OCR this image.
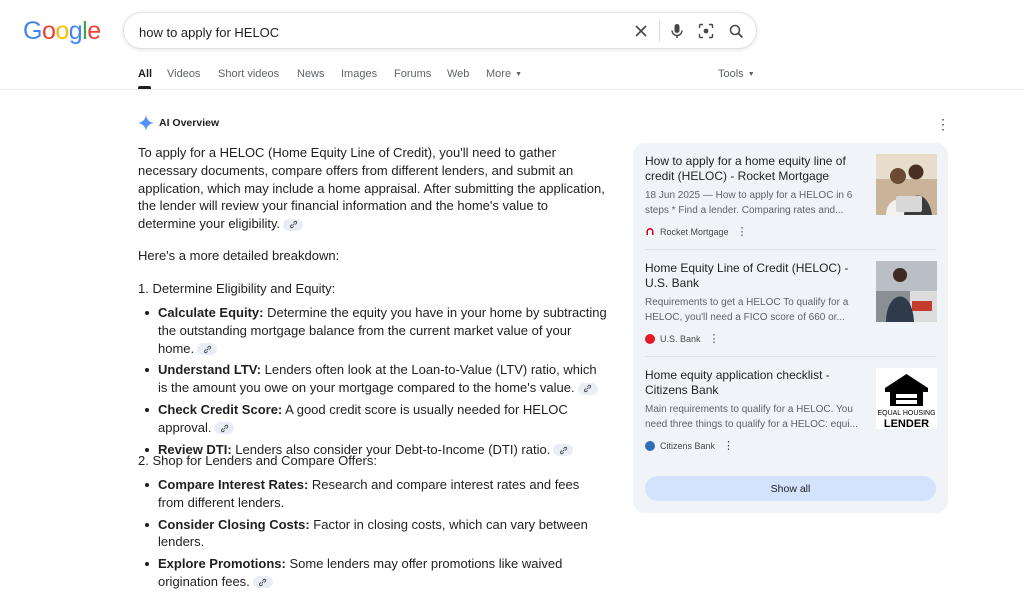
Google
how to apply for HELOC
All Videos Short videos News Images Forums Web More ▼	Tools ▼
AI Overview	⋮

To apply for a HELOC (Home Equity Line of Credit), you'll need to gather necessary documents, compare offers from different lenders, and submit an application, which may include a home appraisal. After submitting the application, the lender will review your financial information and the home's value to determine your eligibility.

Here's a more detailed breakdown:

1. Determine Eligibility and Equity:

Calculate Equity: Determine the equity you have in your home by subtracting the outstanding mortgage balance from the current market value of your home.
Understand LTV: Lenders often look at the Loan-to-Value (LTV) ratio, which is the amount you owe on your mortgage compared to the home's value.
Check Credit Score: A good credit score is usually needed for HELOC approval.
Review DTI: Lenders also consider your Debt-to-Income (DTI) ratio.

2. Shop for Lenders and Compare Offers:

Compare Interest Rates: Research and compare interest rates and fees from different lenders.
Consider Closing Costs: Factor in closing costs, which can vary between lenders.
Explore Promotions: Some lenders may offer promotions like waived origination fees.
How to apply for a home equity line of credit (HELOC) - Rocket Mortgage
18 Jun 2025 — How to apply for a HELOC in 6 steps * Find a lender. Comparing rates and...
Rocket Mortgage ⋮
Home Equity Line of Credit (HELOC) - U.S. Bank
Requirements to get a HELOC To qualify for a HELOC, you'll need a FICO score of 660 or...
U.S. Bank ⋮
Home equity application checklist - Citizens Bank
Main requirements to qualify for a HELOC. You need three things to qualify for a HELOC: equi...
Citizens Bank ⋮
EQUAL HOUSING
LENDER
Show all
